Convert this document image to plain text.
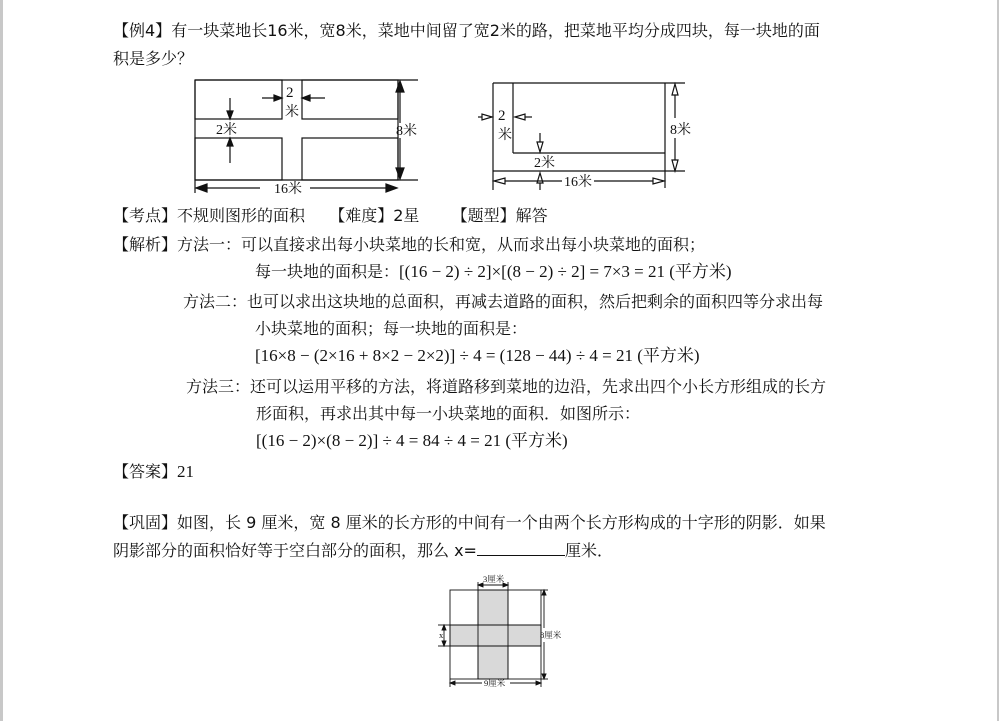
【例4】有一块菜地长16米，宽8米，菜地中间留了宽2米的路，把菜地平均分成四块，每一块地的面
积是多少？
2
米
2米	8米
16米
2
米
2米
8米
16米
【考点】不规则图形的面积 【难度】2星 【题型】解答
【解析】方法一：可以直接求出每小块菜地的长和宽，从而求出每小块菜地的面积；
每一块地的面积是：[(16 − 2) ÷ 2]×[(8 − 2) ÷ 2] = 7×3 = 21 (平方米)
方法二：也可以求出这块地的总面积，再减去道路的面积，然后把剩余的面积四等分求出每
小块菜地的面积；每一块地的面积是：
[16×8 − (2×16 + 8×2 − 2×2)] ÷ 4 = (128 − 44) ÷ 4 = 21 (平方米)
方法三：还可以运用平移的方法，将道路移到菜地的边沿，先求出四个小长方形组成的长方
形面积，再求出其中每一小块菜地的面积．如图所示：
[(16 − 2)×(8 − 2)] ÷ 4 = 84 ÷ 4 = 21 (平方米)
【答案】21
【巩固】如图，长 9 厘米，宽 8 厘米的长方形的中间有一个由两个长方形构成的十字形的阴影．如果
阴影部分的面积恰好等于空白部分的面积，那么 x=	厘米．
3厘米
x	8厘米
9厘米
